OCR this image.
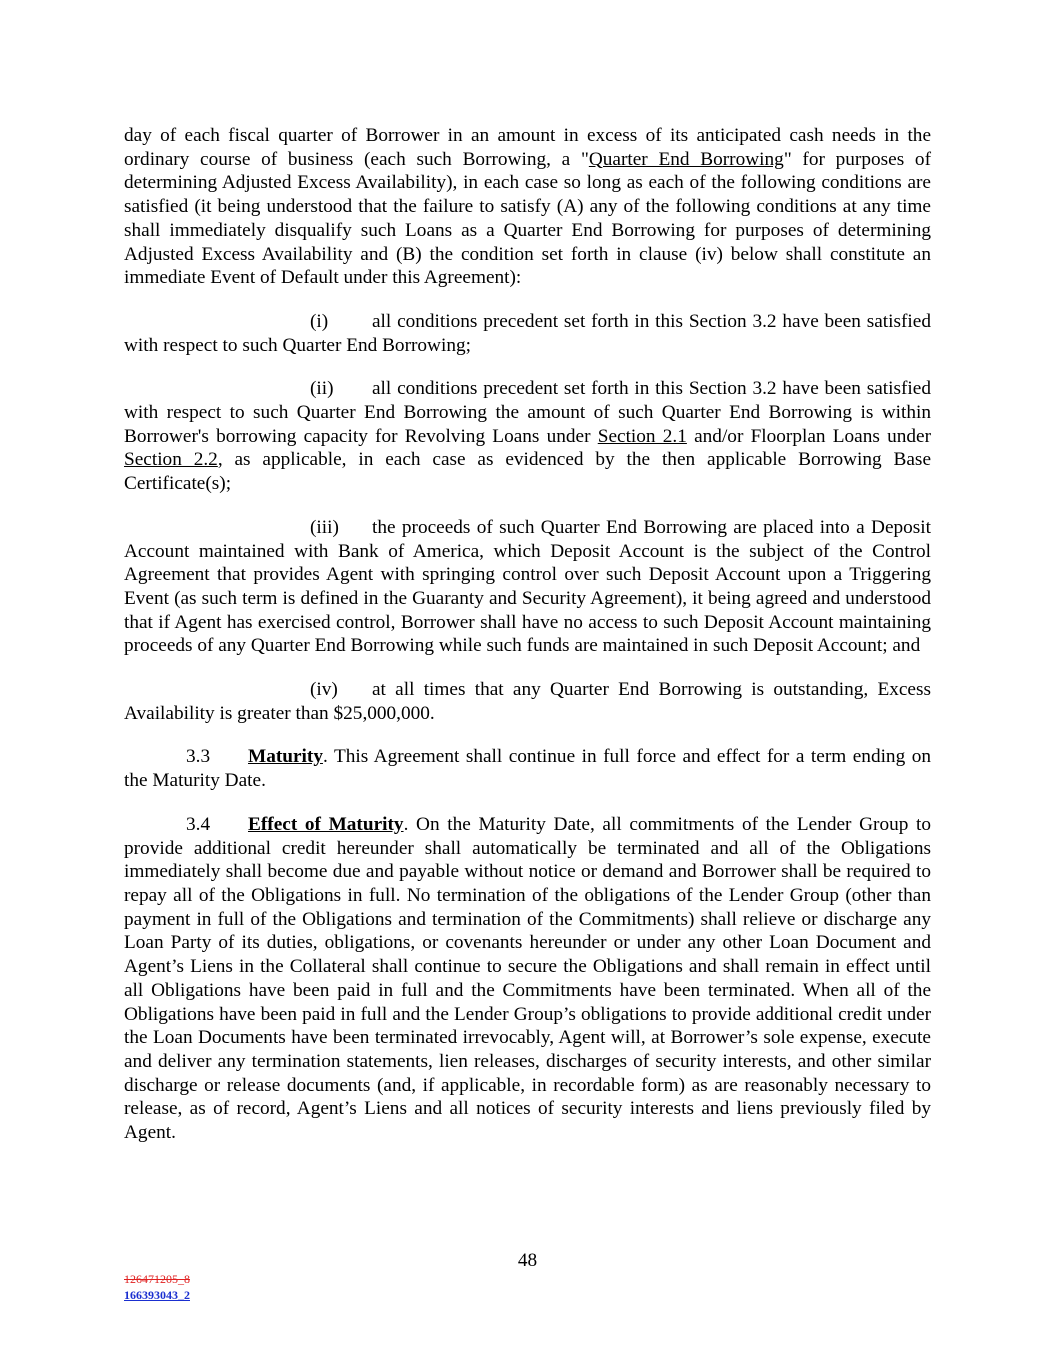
day of each fiscal quarter of Borrower in an amount in excess of its anticipated cash needs in the ordinary course of business (each such Borrowing, a "Quarter End Borrowing" for purposes of determining Adjusted Excess Availability), in each case so long as each of the following conditions are satisfied (it being understood that the failure to satisfy (A) any of the following conditions at any time shall immediately disqualify such Loans as a Quarter End Borrowing for purposes of determining Adjusted Excess Availability and (B) the condition set forth in clause (iv) below shall constitute an immediate Event of Default under this Agreement):

(i) all conditions precedent set forth in this Section 3.2 have been satisfied with respect to such Quarter End Borrowing;

(ii) all conditions precedent set forth in this Section 3.2 have been satisfied with respect to such Quarter End Borrowing the amount of such Quarter End Borrowing is within Borrower's borrowing capacity for Revolving Loans under Section 2.1 and/or Floorplan Loans under Section 2.2, as applicable, in each case as evidenced by the then applicable Borrowing Base Certificate(s);

(iii) the proceeds of such Quarter End Borrowing are placed into a Deposit Account maintained with Bank of America, which Deposit Account is the subject of the Control Agreement that provides Agent with springing control over such Deposit Account upon a Triggering Event (as such term is defined in the Guaranty and Security Agreement), it being agreed and understood that if Agent has exercised control, Borrower shall have no access to such Deposit Account maintaining proceeds of any Quarter End Borrowing while such funds are maintained in such Deposit Account; and

(iv) at all times that any Quarter End Borrowing is outstanding, Excess Availability is greater than $25,000,000.

3.3 Maturity. This Agreement shall continue in full force and effect for a term ending on the Maturity Date.

3.4 Effect of Maturity. On the Maturity Date, all commitments of the Lender Group to provide additional credit hereunder shall automatically be terminated and all of the Obligations immediately shall become due and payable without notice or demand and Borrower shall be required to repay all of the Obligations in full. No termination of the obligations of the Lender Group (other than payment in full of the Obligations and termination of the Commitments) shall relieve or discharge any Loan Party of its duties, obligations, or covenants hereunder or under any other Loan Document and Agent’s Liens in the Collateral shall continue to secure the Obligations and shall remain in effect until all Obligations have been paid in full and the Commitments have been terminated. When all of the Obligations have been paid in full and the Lender Group’s obligations to provide additional credit under the Loan Documents have been terminated irrevocably, Agent will, at Borrower’s sole expense, execute and deliver any termination statements, lien releases, discharges of security interests, and other similar discharge or release documents (and, if applicable, in recordable form) as are reasonably necessary to release, as of record, Agent’s Liens and all notices of security interests and liens previously filed by Agent.

48
126471205_8
166393043_2
